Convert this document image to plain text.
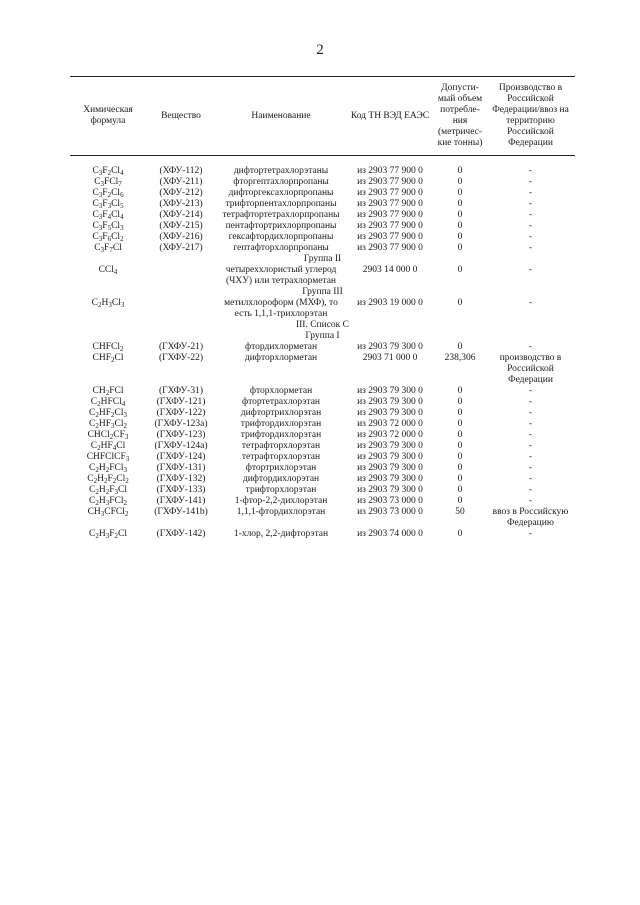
2
Химическая формула	Вещество	Наименование	Код ТН ВЭД ЕАЭС	Допусти-мый объем потребле-ния (метричес-кие тонны)	Производство в Российской Федерации/ввоз на территорию Российской Федерации

$C_3F_2Cl_4$	(ХФУ-112)	дифтортетрахлорэтаны	из 2903 77 900 0	0	-
$C_3FCl_7$	(ХФУ-211)	фторгептахлорпропаны	из 2903 77 900 0	0	-
$C_3F_2Cl_6$	(ХФУ-212)	дифторгексахлорпропаны	из 2903 77 900 0	0	-
$C_3F_3Cl_5$	(ХФУ-213)	трифторпентахлорпропаны	из 2903 77 900 0	0	-
$C_3F_4Cl_4$	(ХФУ-214)	тетрафтортетрахлорпропаны	из 2903 77 900 0	0	-
$C_3F_5Cl_3$	(ХФУ-215)	пентафтортрихлорпропаны	из 2903 77 900 0	0	-
$C_3F_6Cl_2$	(ХФУ-216)	гексафтордихлорпропаны	из 2903 77 900 0	0	-
$C_3F_7Cl$	(ХФУ-217)	гептафторхлорпропаны	из 2903 77 900 0	0	-
Группа II					
CCl$_4$		четыреххлористый углерод (ЧХУ) или тетрахлорметан	2903 14 000 0	0	-
Группа III					
$C_2H_3Cl_3$		метилхлороформ (МХФ), то есть 1,1,1-трихлорэтан	из 2903 19 000 0	0	-
III. Список С					
Группа I					
CHFCl$_2$	(ГХФУ-21)	фтордихлорметан	из 2903 79 300 0	0	-
$CHF_2Cl$	(ГХФУ-22)	дифторхлорметан	2903 71 000 0	238,306	производство в Российской Федерации
$CH_2FCl$	(ГХФУ-31)	фторхлорметан	из 2903 79 300 0	0	-
$C_2HFCl_4$	(ГХФУ-121)	фтортетрахлорэтан	из 2903 79 300 0	0	-
$C_2HF_2Cl_3$	(ГХФУ-122)	дифтортрихлорэтан	из 2903 79 300 0	0	-
$C_2HF_3Cl_2$	(ГХФУ-123а)	трифтордихлорэтан	из 2903 72 000 0	0	-
$CHCl_2CF_3$	(ГХФУ-123)	трифтордихлорэтан	из 2903 72 000 0	0	-
$C_2HF_4Cl$	(ГХФУ-124а)	тетрафторхлорэтан	из 2903 79 300 0	0	-
CHFClCF$_3$	(ГХФУ-124)	тетрафторхлорэтан	из 2903 79 300 0	0	-
$C_2H_2FCl_3$	(ГХФУ-131)	фтортрихлорэтан	из 2903 79 300 0	0	-
$C_2H_2F_2Cl_2$	(ГХФУ-132)	дифтордихлорэтан	из 2903 79 300 0	0	-
$C_2H_2F_3Cl$	(ГХФУ-133)	трифторхлорэтан	из 2903 79 300 0	0	-
$C_2H_3FCl_2$	(ГХФУ-141)	1-фтор-2,2-дихлорэтан	из 2903 73 000 0	0	-
$CH_3CFCl_2$	(ГХФУ-141b)	1,1,1-фтордихлорэтан	из 2903 73 000 0	50	ввоз в Российскую Федерацию
$C_2H_3F_2Cl$	(ГХФУ-142)	1-хлор, 2,2-дифторэтан	из 2903 74 000 0	0	-
